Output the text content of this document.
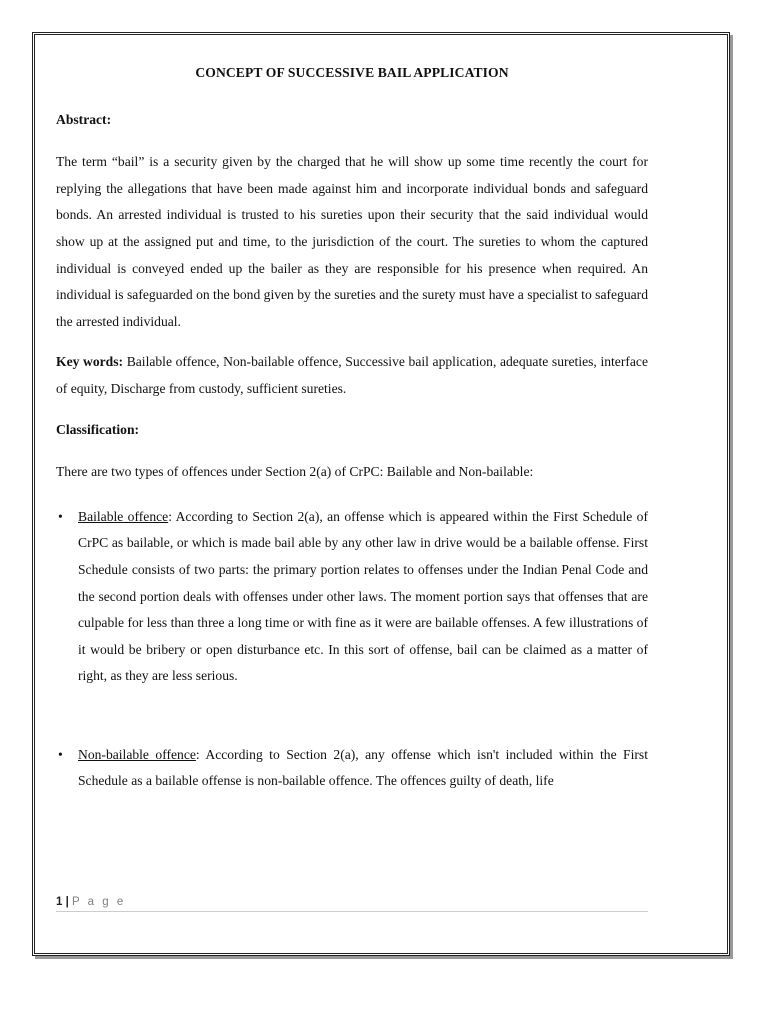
CONCEPT OF SUCCESSIVE BAIL APPLICATION
Abstract:

The term “bail” is a security given by the charged that he will show up some time recently the court for replying the allegations that have been made against him and incorporate individual bonds and safeguard bonds. An arrested individual is trusted to his sureties upon their security that the said individual would show up at the assigned put and time, to the jurisdiction of the court. The sureties to whom the captured individual is conveyed ended up the bailer as they are responsible for his presence when required. An individual is safeguarded on the bond given by the sureties and the surety must have a specialist to safeguard the arrested individual.

Key words: Bailable offence, Non-bailable offence, Successive bail application, adequate sureties, interface of equity, Discharge from custody, sufficient sureties.

Classification:

There are two types of offences under Section 2(a) of CrPC: Bailable and Non-bailable:

• Bailable offence: According to Section 2(a), an offense which is appeared within the First Schedule of CrPC as bailable, or which is made bail able by any other law in drive would be a bailable offense. First Schedule consists of two parts: the primary portion relates to offenses under the Indian Penal Code and the second portion deals with offenses under other laws. The moment portion says that offenses that are culpable for less than three a long time or with fine as it were are bailable offenses. A few illustrations of it would be bribery or open disturbance etc. In this sort of offense, bail can be claimed as a matter of right, as they are less serious.
• Non-bailable offence: According to Section 2(a), any offense which isn't included within the First Schedule as a bailable offense is non-bailable offence. The offences guilty of death, life
1 | P a g e
